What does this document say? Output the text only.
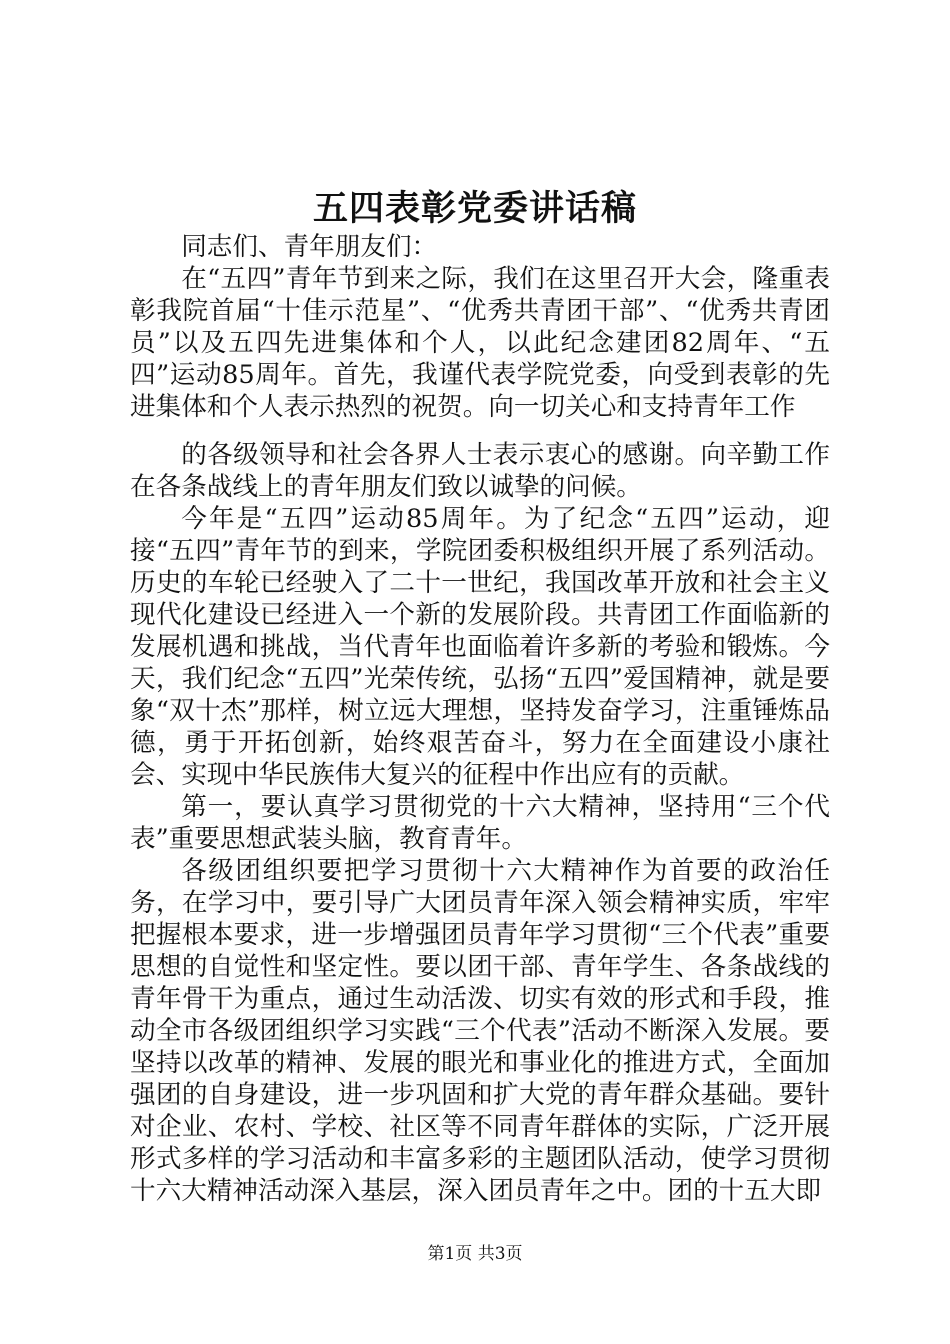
五四表彰党委讲话稿

同志们、青年朋友们：

在“五四”青年节到来之际，我们在这里召开大会，隆重表彰我院首届“十佳示范星”、“优秀共青团干部”、“优秀共青团员”以及五四先进集体和个人，以此纪念建团82周年、“五四”运动85周年。首先，我谨代表学院党委，向受到表彰的先进集体和个人表示热烈的祝贺。向一切关心和支持青年工作

的各级领导和社会各界人士表示衷心的感谢。向辛勤工作在各条战线上的青年朋友们致以诚挚的问候。

今年是“五四”运动85周年。为了纪念“五四”运动，迎接“五四”青年节的到来，学院团委积极组织开展了系列活动。历史的车轮已经驶入了二十一世纪，我国改革开放和社会主义现代化建设已经进入一个新的发展阶段。共青团工作面临新的发展机遇和挑战，当代青年也面临着许多新的考验和锻炼。今天，我们纪念“五四”光荣传统，弘扬“五四”爱国精神，就是要象“双十杰”那样，树立远大理想，坚持发奋学习，注重锤炼品德，勇于开拓创新，始终艰苦奋斗，努力在全面建设小康社会、实现中华民族伟大复兴的征程中作出应有的贡献。

第一，要认真学习贯彻党的十六大精神，坚持用“三个代表”重要思想武装头脑，教育青年。

各级团组织要把学习贯彻十六大精神作为首要的政治任务，在学习中，要引导广大团员青年深入领会精神实质，牢牢把握根本要求，进一步增强团员青年学习贯彻“三个代表”重要思想的自觉性和坚定性。要以团干部、青年学生、各条战线的青年骨干为重点，通过生动活泼、切实有效的形式和手段，推动全市各级团组织学习实践“三个代表”活动不断深入发展。要坚持以改革的精神、发展的眼光和事业化的推进方式，全面加强团的自身建设，进一步巩固和扩大党的青年群众基础。要针对企业、农村、学校、社区等不同青年群体的实际，广泛开展形式多样的学习活动和丰富多彩的主题团队活动，使学习贯彻十六大精神活动深入基层，深入团员青年之中。团的十五大即

第1页 共3页
